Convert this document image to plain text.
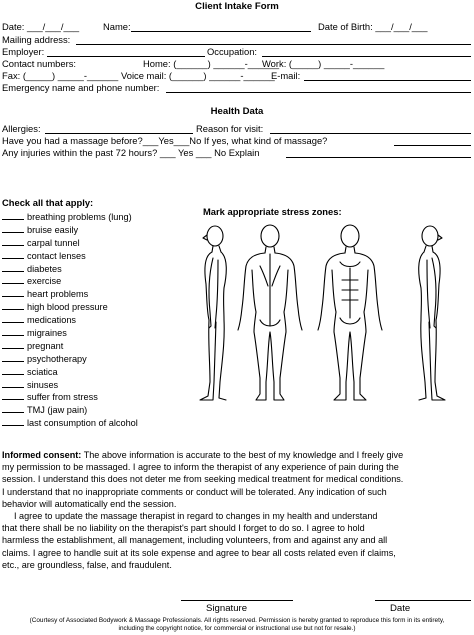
Client Intake Form
Date: ___/___/___	Name:	Date of Birth: ___/___/___
Mailing address:
Employer:	Occupation:
Contact numbers:	Home: (______) ______-______
Work: (_____) _____-______
Fax: (_____) _____-______ Voice mail: (______) ______-______
E-mail:
Emergency name and phone number:
Health Data
Allergies:	Reason for visit:
Have you had a massage before?___Yes___No If yes, what kind of massage?
Any injuries within the past 72 hours? ___ Yes ___ No Explain
Check all that apply:
breathing problems (lung)
bruise easily
carpal tunnel
contact lenses
diabetes
exercise
heart problems
high blood pressure
medications
migraines
pregnant
psychotherapy
sciatica
sinuses
suffer from stress
TMJ (jaw pain)
last consumption of alcohol
Mark appropriate stress zones:

Informed consent: The above information is accurate to the best of my knowledge and I freely give

my permission to be massaged. I agree to inform the therapist of any experience of pain during the

session. I understand this does not deter me from seeking medical treatment for medical conditions.

I understand that no inappropriate comments or conduct will be tolerated. Any indication of such

behavior will automatically end the session.

I agree to update the massage therapist in regard to changes in my health and understand

that there shall be no liability on the therapist's part should I forget to do so. I agree to hold

harmless the establishment, all management, including volunteers, from and against any and all

claims. I agree to handle suit at its sole expense and agree to bear all costs related even if claims,

etc., are groundless, false, and fraudulent.

Signature	Date
(Courtesy of Associated Bodywork & Massage Professionals. All rights reserved. Permission is hereby granted to reproduce this form in its entirety,
including the copyright notice, for commercial or instructional use but not for resale.)
